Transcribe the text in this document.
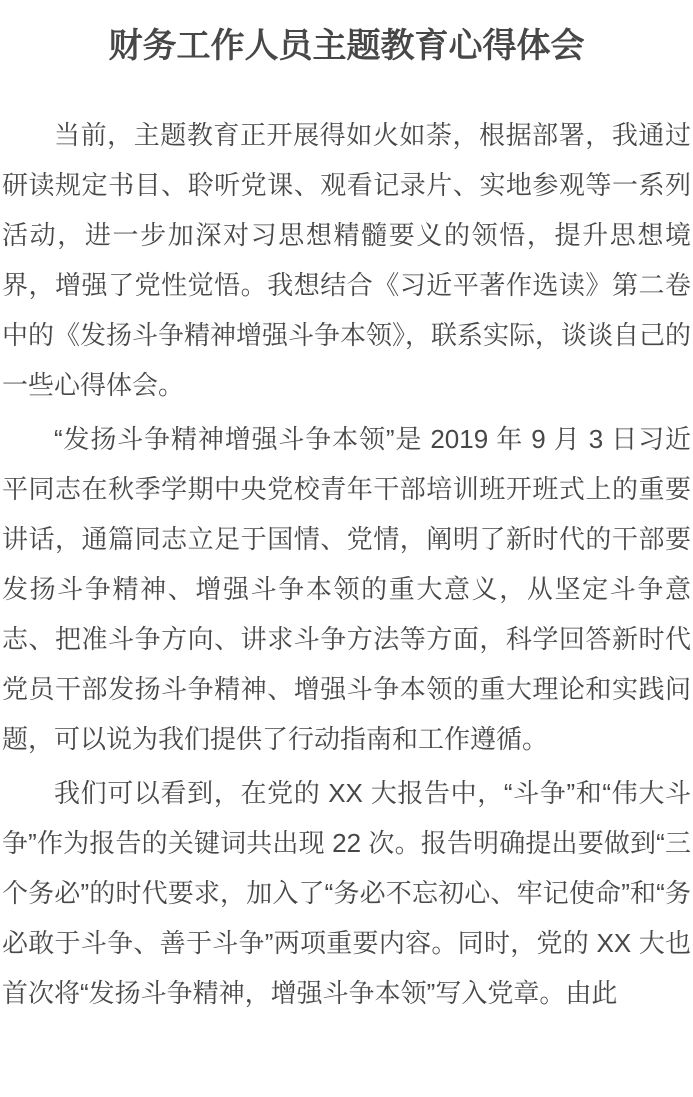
财务工作人员主题教育心得体会

当前，主题教育正开展得如火如荼，根据部署，我通过研读规定书目、聆听党课、观看记录片、实地参观等一系列活动，进一步加深对习思想精髓要义的领悟，提升思想境界，增强了党性觉悟。我想结合《习近平著作选读》第二卷中的《发扬斗争精神增强斗争本领》，联系实际，谈谈自己的一些心得体会。

“发扬斗争精神增强斗争本领”是 2019 年 9 月 3 日习近平同志在秋季学期中央党校青年干部培训班开班式上的重要讲话，通篇同志立足于国情、党情，阐明了新时代的干部要发扬斗争精神、增强斗争本领的重大意义，从坚定斗争意志、把准斗争方向、讲求斗争方法等方面，科学回答新时代党员干部发扬斗争精神、增强斗争本领的重大理论和实践问题，可以说为我们提供了行动指南和工作遵循。

我们可以看到，在党的 XX 大报告中，“斗争”和“伟大斗争”作为报告的关键词共出现 22 次。报告明确提出要做到“三个务必”的时代要求，加入了“务必不忘初心、牢记使命”和“务必敢于斗争、善于斗争”两项重要内容。同时，党的 XX 大也首次将“发扬斗争精神，增强斗争本领”写入党章。由此
